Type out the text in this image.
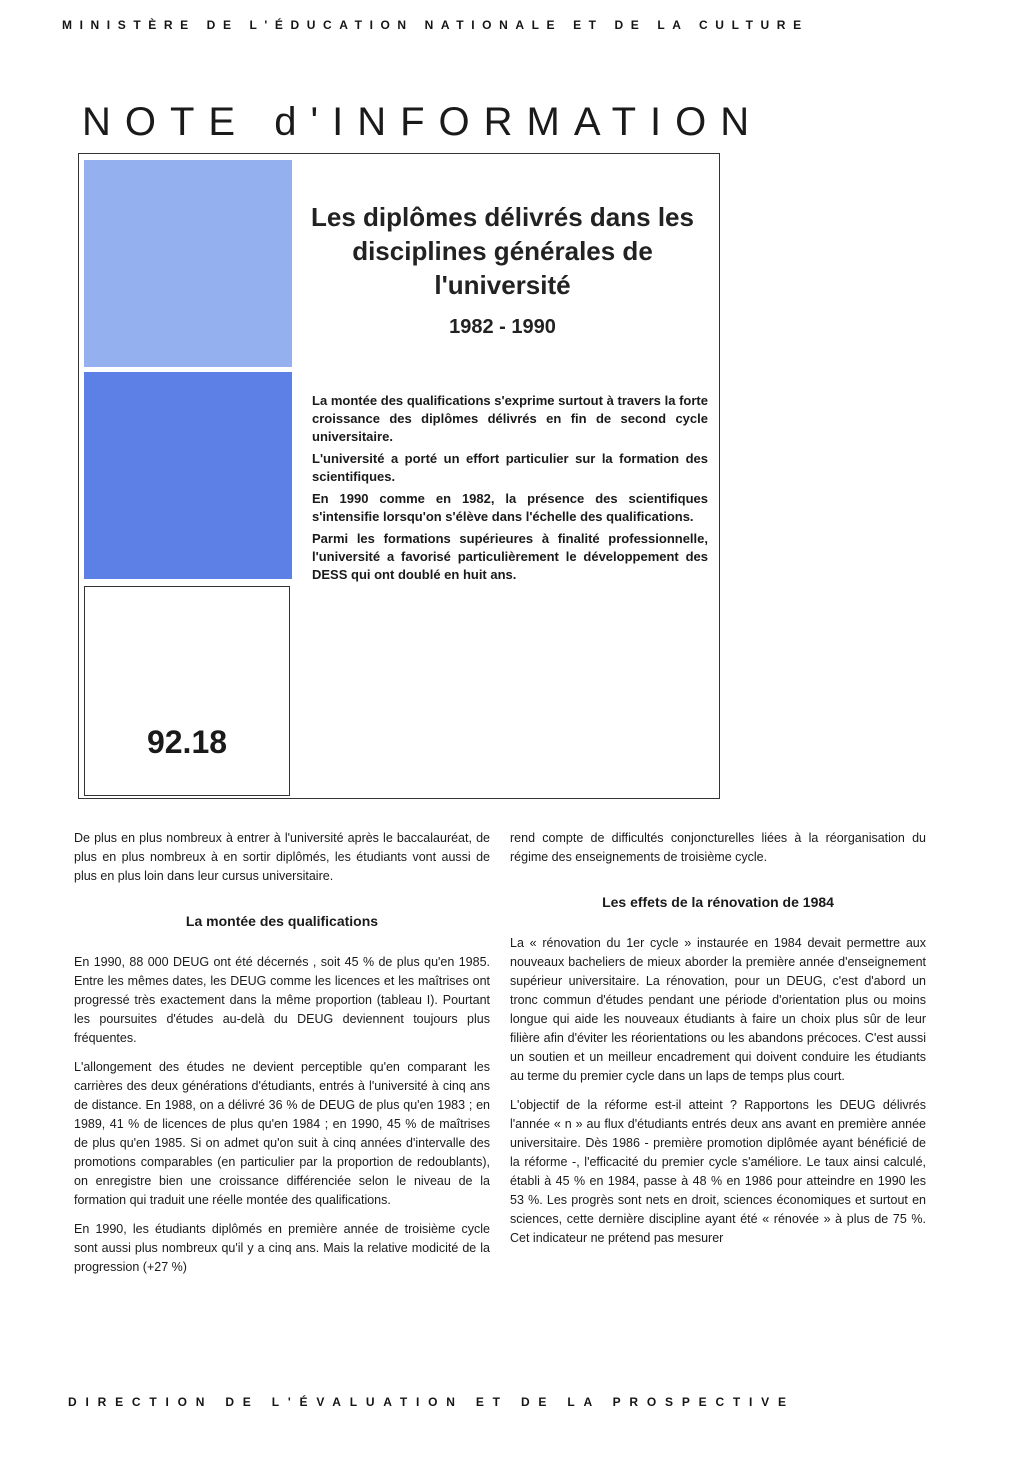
MINISTÈRE DE L'ÉDUCATION NATIONALE ET DE LA CULTURE
NOTE d'INFORMATION
92.18
Les diplômes délivrés dans les disciplines générales de l'université
1982 - 1990

La montée des qualifications s'exprime surtout à travers la forte croissance des diplômes délivrés en fin de second cycle universitaire.

L'université a porté un effort particulier sur la formation des scientifiques.

En 1990 comme en 1982, la présence des scientifiques s'intensifie lorsqu'on s'élève dans l'échelle des qualifications.

Parmi les formations supérieures à finalité professionnelle, l'université a favorisé particulièrement le développement des DESS qui ont doublé en huit ans.

De plus en plus nombreux à entrer à l'université après le baccalauréat, de plus en plus nombreux à en sortir diplômés, les étudiants vont aussi de plus en plus loin dans leur cursus universitaire.

La montée des qualifications

En 1990, 88 000 DEUG ont été décernés , soit 45 % de plus qu'en 1985. Entre les mêmes dates, les DEUG comme les licences et les maîtrises ont progressé très exactement dans la même proportion (tableau I). Pourtant les poursuites d'études au-delà du DEUG deviennent toujours plus fréquentes.

L'allongement des études ne devient perceptible qu'en comparant les carrières des deux générations d'étudiants, entrés à l'université à cinq ans de distance. En 1988, on a délivré 36 % de DEUG de plus qu'en 1983 ; en 1989, 41 % de licences de plus qu'en 1984 ; en 1990, 45 % de maîtrises de plus qu'en 1985. Si on admet qu'on suit à cinq années d'intervalle des promotions comparables (en particulier par la proportion de redoublants), on enregistre bien une croissance différenciée selon le niveau de la formation qui traduit une réelle montée des qualifications.

En 1990, les étudiants diplômés en première année de troisième cycle sont aussi plus nombreux qu'il y a cinq ans. Mais la relative modicité de la progression (+27 %)

rend compte de difficultés conjoncturelles liées à la réorganisation du régime des enseignements de troisième cycle.

Les effets de la rénovation de 1984

La « rénovation du 1er cycle » instaurée en 1984 devait permettre aux nouveaux bacheliers de mieux aborder la première année d'enseignement supérieur universitaire. La rénovation, pour un DEUG, c'est d'abord un tronc commun d'études pendant une période d'orientation plus ou moins longue qui aide les nouveaux étudiants à faire un choix plus sûr de leur filière afin d'éviter les réorientations ou les abandons précoces. C'est aussi un soutien et un meilleur encadrement qui doivent conduire les étudiants au terme du premier cycle dans un laps de temps plus court.

L'objectif de la réforme est-il atteint ? Rapportons les DEUG délivrés l'année « n » au flux d'étudiants entrés deux ans avant en première année universitaire. Dès 1986 - première promotion diplômée ayant bénéficié de la réforme -, l'efficacité du premier cycle s'améliore. Le taux ainsi calculé, établi à 45 % en 1984, passe à 48 % en 1986 pour atteindre en 1990 les 53 %. Les progrès sont nets en droit, sciences économiques et surtout en sciences, cette dernière discipline ayant été « rénovée » à plus de 75 %. Cet indicateur ne prétend pas mesurer

DIRECTION DE L'ÉVALUATION ET DE LA PROSPECTIVE
